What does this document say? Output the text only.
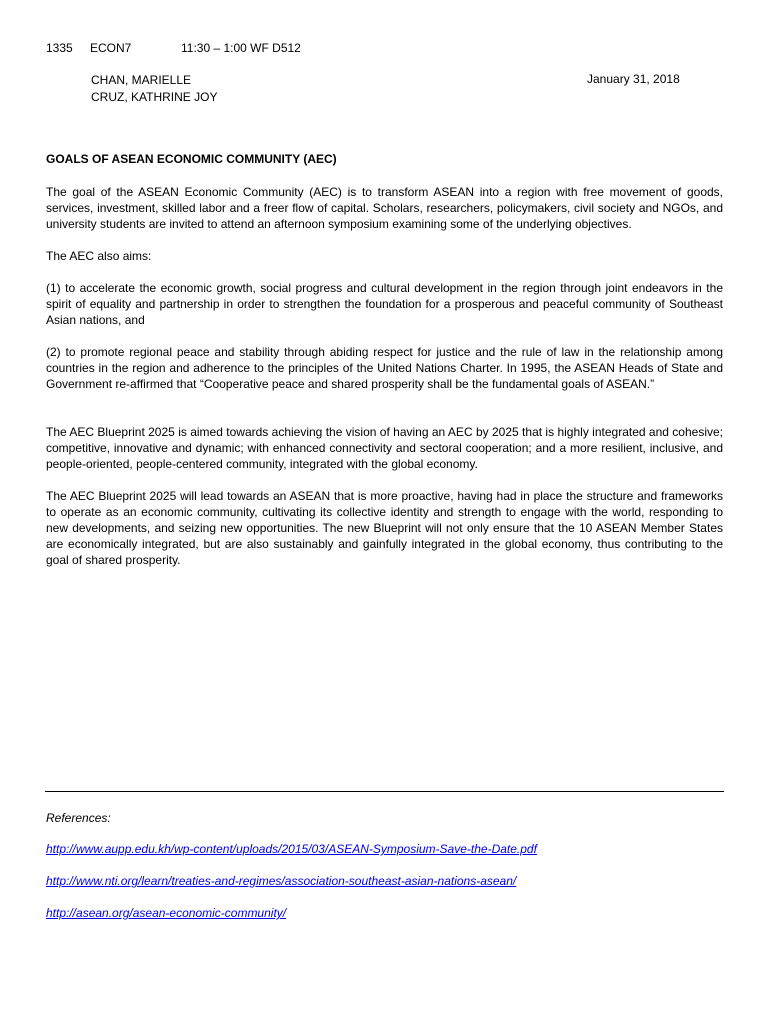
1335 ECON7	11:30 – 1:00 WF D512
CHAN, MARIELLE
CRUZ, KATHRINE JOY
January 31, 2018
GOALS OF ASEAN ECONOMIC COMMUNITY (AEC)

The goal of the ASEAN Economic Community (AEC) is to transform ASEAN into a region with free movement of goods, services, investment, skilled labor and a freer flow of capital. Scholars, researchers, policymakers, civil society and NGOs, and university students are invited to attend an afternoon symposium examining some of the underlying objectives.

The AEC also aims:

(1) to accelerate the economic growth, social progress and cultural development in the region through joint endeavors in the spirit of equality and partnership in order to strengthen the foundation for a prosperous and peaceful community of Southeast Asian nations, and

(2) to promote regional peace and stability through abiding respect for justice and the rule of law in the relationship among countries in the region and adherence to the principles of the United Nations Charter. In 1995, the ASEAN Heads of State and Government re-affirmed that “Cooperative peace and shared prosperity shall be the fundamental goals of ASEAN.”

The AEC Blueprint 2025 is aimed towards achieving the vision of having an AEC by 2025 that is highly integrated and cohesive; competitive, innovative and dynamic; with enhanced connectivity and sectoral cooperation; and a more resilient, inclusive, and people-oriented, people-centered community, integrated with the global economy.

The AEC Blueprint 2025 will lead towards an ASEAN that is more proactive, having had in place the structure and frameworks to operate as an economic community, cultivating its collective identity and strength to engage with the world, responding to new developments, and seizing new opportunities. The new Blueprint will not only ensure that the 10 ASEAN Member States are economically integrated, but are also sustainably and gainfully integrated in the global economy, thus contributing to the goal of shared prosperity.

References:
http://www.aupp.edu.kh/wp-content/uploads/2015/03/ASEAN-Symposium-Save-the-Date.pdf
http://www.nti.org/learn/treaties-and-regimes/association-southeast-asian-nations-asean/
http://asean.org/asean-economic-community/
